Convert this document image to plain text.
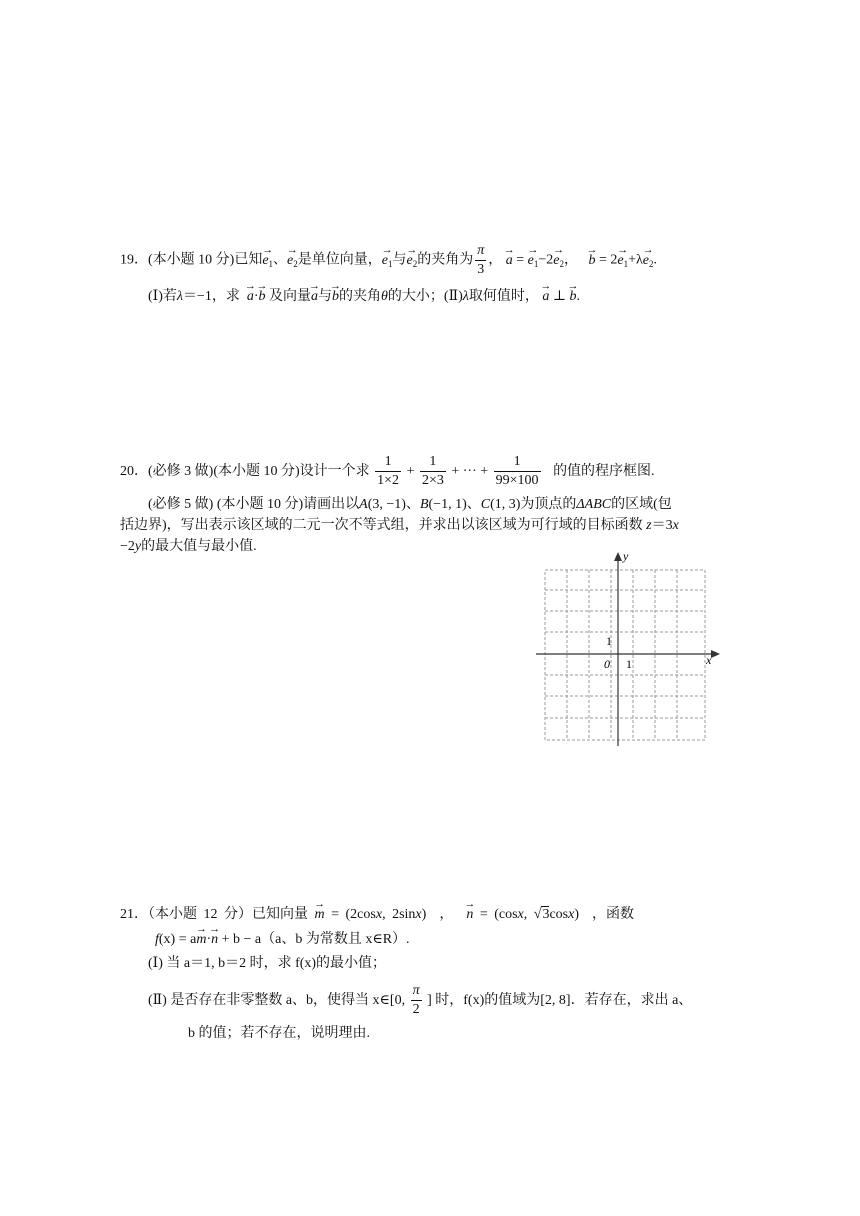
19．(本小题 10 分)已知→ $e_1$、→ $e_2$是单位向量，→ $e_1$与→ $e_2$的夹角为 $\frac{\pi}{3}$ ， → a = → $e_1-2\to e_2$， → $b = 2\to e_1+\lambda\to e_2$.
(Ⅰ)若λ＝−1，求 → a·→ b 及向量→ a与→ b的夹角θ的大小；(Ⅱ)λ取何值时， → a ⊥ → b.
20．(必修 3 做)(本小题 10 分)设计一个求 $\frac{1}{1\times 2} + \frac{1}{2\times 3}$ + ··· + $\frac{1}{99\times 100}$ 的值的程序框图.
(必修 5 做) (本小题 10 分)请画出以A(3, −1)、B(−1, 1)、C(1, 3)为顶点的ΔABC的区域(包
括边界)，写出表示该区域的二元一次不等式组，并求出以该区域为可行域的目标函数 z＝3x
−2y的最大值与最小值.
x
y
0 1
1
21．（本小题 12 分）已知向量 → m = (2cosx, 2sinx)  ，  → n = (cosx, √3cosx) ，函数
f(x) = a→ m·→ n + b − a（a、b 为常数且 x∈R）.
(Ⅰ) 当 a＝1, b＝2 时，求 f(x)的最小值；
(Ⅱ) 是否存在非零整数 a、b，使得当 x∈[0, $\frac{\pi}{2}$ ] 时，f(x)的值域为[2, 8]．若存在，求出 a、
b 的值；若不存在，说明理由.
